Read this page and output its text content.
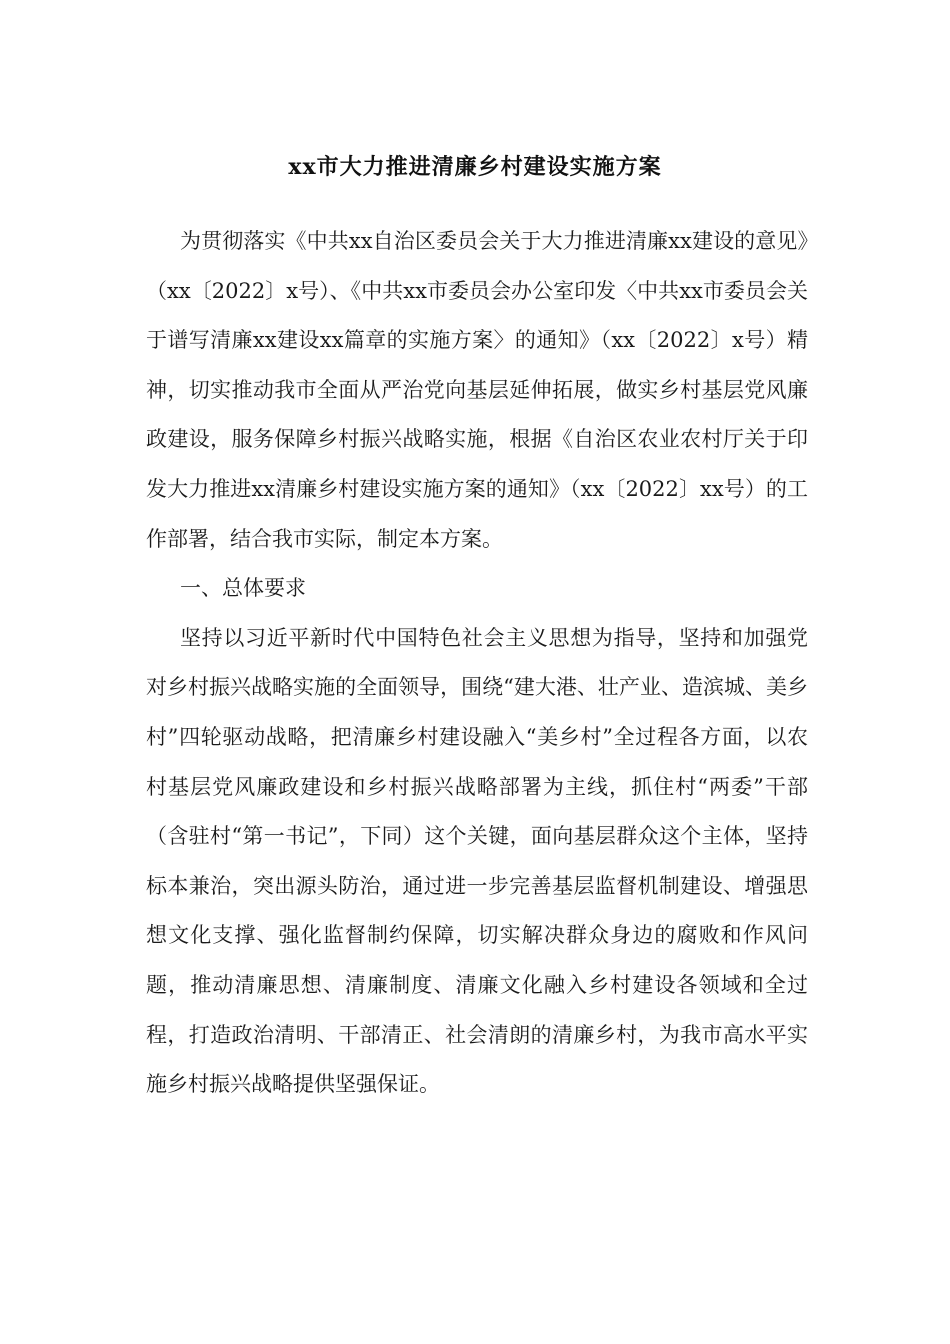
xx市大力推进清廉乡村建设实施方案

为贯彻落实《中共xx自治区委员会关于大力推进清廉xx建设的意见》（xx〔2022〕x号）、《中共xx市委员会办公室印发〈中共xx市委员会关于谱写清廉xx建设xx篇章的实施方案〉的通知》（xx〔2022〕x号）精神，切实推动我市全面从严治党向基层延伸拓展，做实乡村基层党风廉政建设，服务保障乡村振兴战略实施，根据《自治区农业农村厅关于印发大力推进xx清廉乡村建设实施方案的通知》（xx〔2022〕xx号）的工作部署，结合我市实际，制定本方案。

一、总体要求

坚持以习近平新时代中国特色社会主义思想为指导，坚持和加强党对乡村振兴战略实施的全面领导，围绕“建大港、壮产业、造滨城、美乡村”四轮驱动战略，把清廉乡村建设融入“美乡村”全过程各方面，以农村基层党风廉政建设和乡村振兴战略部署为主线，抓住村“两委”干部（含驻村“第一书记”，下同）这个关键，面向基层群众这个主体，坚持标本兼治，突出源头防治，通过进一步完善基层监督机制建设、增强思想文化支撑、强化监督制约保障，切实解决群众身边的腐败和作风问题，推动清廉思想、清廉制度、清廉文化融入乡村建设各领域和全过程，打造政治清明、干部清正、社会清朗的清廉乡村，为我市高水平实施乡村振兴战略提供坚强保证。
